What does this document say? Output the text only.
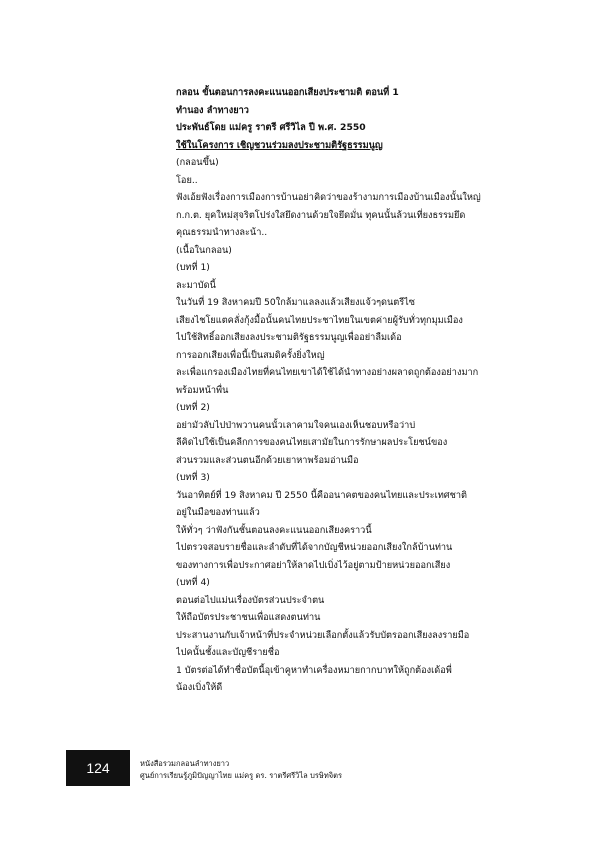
กลอน ขั้นตอนการลงคะแนนออกเสียงประชามติ ตอนที่ 1
ทำนอง ลำทางยาว
ประพันธ์โดย แม่ครู ราตรี ศรีวิไล ปี พ.ศ. 2550
ใช้ในโครงการ เชิญชวนร่วมลงประชามติรัฐธรรมนูญ
(กลอนขึ้น)
โอย..
ฟังเอ้ยฟังเรื่องการเมืองการบ้านอย่าคิดว่าของร้างามการเมืองบ้านเมืองนั้นใหญ่
ก.ก.ต. ยุคใหม่สุจริตโปร่งใสยึดงานด้วยใจยึดมั่น ทุคนนั้นล้วนเที่ยงธรรมยึด
คุณธรรมนำทางละน้า..
(เนื้อในกลอน)
(บทที่ 1)
ละมาบัดนี้
ในวันที่ 19 สิงหาคมปี 50ใกล้มาแลลงแล้วเสียงแจ้วๆดนตรีไซ
เสียงไชโยแตคลั่งกุ้งมื้อนั้นคนไทยประชาไทยในเขตค่ายผู้รับทั่วทุกมุมเมือง
ไปใช้สิทธิ์ออกเสียงลงประชามติรัฐธรรมนูญเพื่ออย่าลืมเด้อ
การออกเสียงเพื่อนี้เป็นสมดิครั้งยิ่งใหญ่
ละเพื่อแกรองเมืองไทยที่คนไทยเขาได้ใช้ได้นำทางอย่างผลาดถูกต้องอย่างมาก
พร้อมหน้าพื่น
(บทที่ 2)
อย่ามัวลับไปป่าพวานคนนั้วเลาคามใจคนเองเห็นชอบหรือว่าบ่
ลีคิดไปใช้เป็นคลีกการของคนไทยเสามัยในการรักษาผลประโยชน์ของ
ส่วนรวมและส่วนตนอีกด้วยเยาหาพร้อมอ่านมือ
(บทที่ 3)
วันอาทิตย์ที่ 19 สิงหาคม ปี 2550 นี้คืออนาคตของคนไทยและประเทศชาติ
อยู่ในมือของท่านแล้ว
ให้ทั่วๆ ว่าฟังกันชั้นตอนลงคะแนนออกเสียงคราวนี้
ไปตรวจสอบรายชื่อและลำดับที่ได้จากบัญชีหน่วยออกเสียงใกล้บ้านท่าน
ของทางการเพื่อประกาศอย่าให้ลาดไปเบิ่งไว้อยู่ตามป้ายหน่วยออกเสียง
(บทที่ 4)
ตอนต่อไปแม่นเรื่องบัตรส่วนประจำตน
ให้ถือบัตรประชาชนเพื่อแสดงตนท่าน
ประสานงานกับเจ้าหน้าที่ประจำหน่วยเลือกตั้งแล้วรับบัตรออกเสียงลงรายมือ
ไปคนั้นชั้งและบัญชีรายชื่อ
1 บัตรต่อได้ทำชื่อบัตนี้อุเข้าคูหาทำเครื่องหมายกากบาทให้ถูกต้องเด้อพี่
น้องเบิ่งให้ดี
124	หนังสือรวมกลอนลำทางยาว
ศูนย์การเรียนรู้ภูมิปัญญาไทย แม่ครู ดร. ราตรีศรีวิไล บรษิทจิตร
